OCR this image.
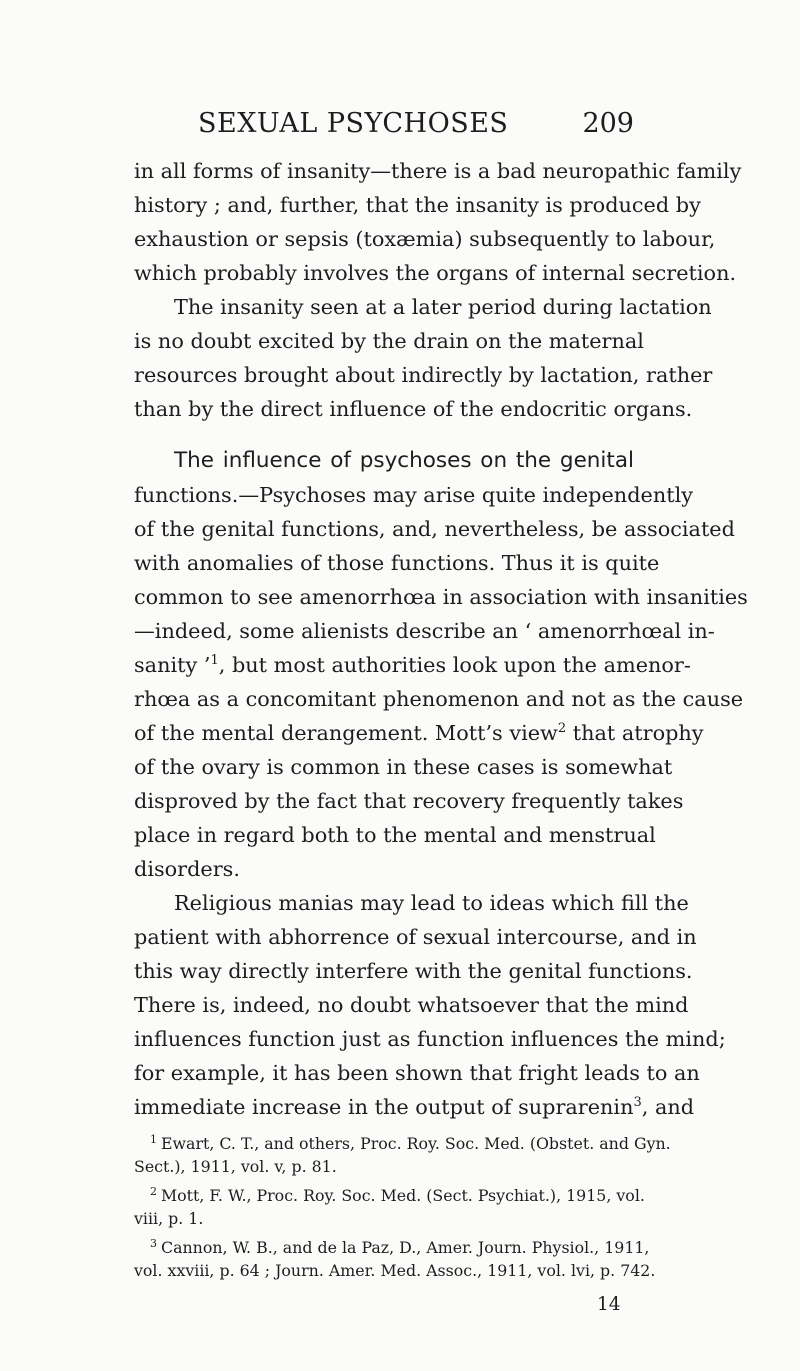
SEXUAL PSYCHOSES	209
in all forms of insanity—there is a bad neuropathic family
history ; and, further, that the insanity is produced by
exhaustion or sepsis (toxæmia) subsequently to labour,
which probably involves the organs of internal secretion.
The insanity seen at a later period during lactation
is no doubt excited by the drain on the maternal
resources brought about indirectly by lactation, rather
than by the direct influence of the endocritic organs.
The influence of psychoses on the genital
functions.—Psychoses may arise quite independently
of the genital functions, and, nevertheless, be associated
with anomalies of those functions. Thus it is quite
common to see amenorrhœa in association with insanities
—indeed, some alienists describe an ‘ amenorrhœal in-
sanity ’$^1$, but most authorities look upon the amenor-
rhœa as a concomitant phenomenon and not as the cause
of the mental derangement. Mott’s view$^2$ that atrophy
of the ovary is common in these cases is somewhat
disproved by the fact that recovery frequently takes
place in regard both to the mental and menstrual
disorders.
Religious manias may lead to ideas which fill the
patient with abhorrence of sexual intercourse, and in
this way directly interfere with the genital functions.
There is, indeed, no doubt whatsoever that the mind
influences function just as function influences the mind;
for example, it has been shown that fright leads to an
immediate increase in the output of suprarenin$^3$, and
$^1$ Ewart, C. T., and others, Proc. Roy. Soc. Med. (Obstet. and Gyn.
Sect.), 1911, vol. v, p. 81.
$^2$ Mott, F. W., Proc. Roy. Soc. Med. (Sect. Psychiat.), 1915, vol.
viii, p. 1.
$^3$ Cannon, W. B., and de la Paz, D., Amer. Journ. Physiol., 1911,
vol. xxviii, p. 64 ; Journ. Amer. Med. Assoc., 1911, vol. lvi, p. 742.
14
